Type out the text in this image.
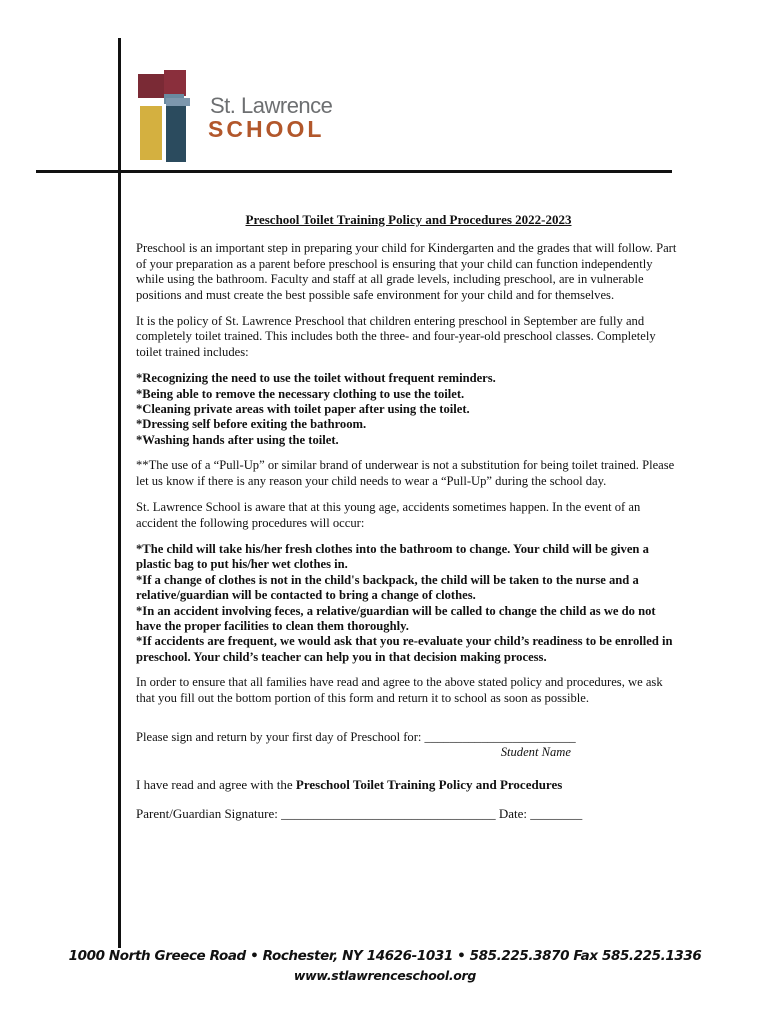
St. Lawrence
SCHOOL
Preschool Toilet Training Policy and Procedures 2022-2023

Preschool is an important step in preparing your child for Kindergarten and the grades that will follow. Part of your preparation as a parent before preschool is ensuring that your child can function independently while using the bathroom. Faculty and staff at all grade levels, including preschool, are in vulnerable positions and must create the best possible safe environment for your child and for themselves.

It is the policy of St. Lawrence Preschool that children entering preschool in September are fully and completely toilet trained. This includes both the three- and four-year-old preschool classes. Completely toilet trained includes:

*Recognizing the need to use the toilet without frequent reminders.
*Being able to remove the necessary clothing to use the toilet.
*Cleaning private areas with toilet paper after using the toilet.
*Dressing self before exiting the bathroom.
*Washing hands after using the toilet.

**The use of a “Pull-Up” or similar brand of underwear is not a substitution for being toilet trained. Please let us know if there is any reason your child needs to wear a “Pull-Up” during the school day.

St. Lawrence School is aware that at this young age, accidents sometimes happen. In the event of an accident the following procedures will occur:

*The child will take his/her fresh clothes into the bathroom to change. Your child will be given a plastic bag to put his/her wet clothes in.
*If a change of clothes is not in the child's backpack, the child will be taken to the nurse and a relative/guardian will be contacted to bring a change of clothes.
*In an accident involving feces, a relative/guardian will be called to change the child as we do not have the proper facilities to clean them thoroughly.
*If accidents are frequent, we would ask that you re-evaluate your child’s readiness to be enrolled in preschool. Your child’s teacher can help you in that decision making process.

In order to ensure that all families have read and agree to the above stated policy and procedures, we ask that you fill out the bottom portion of this form and return it to school as soon as possible.

Please sign and return by your first day of Preschool for: ________________________
Student Name
I have read and agree with the Preschool Toilet Training Policy and Procedures
Parent/Guardian Signature: _________________________________ Date: ________
1000 North Greece Road • Rochester, NY 14626-1031 • 585.225.3870 Fax 585.225.1336
www.stlawrenceschool.org
